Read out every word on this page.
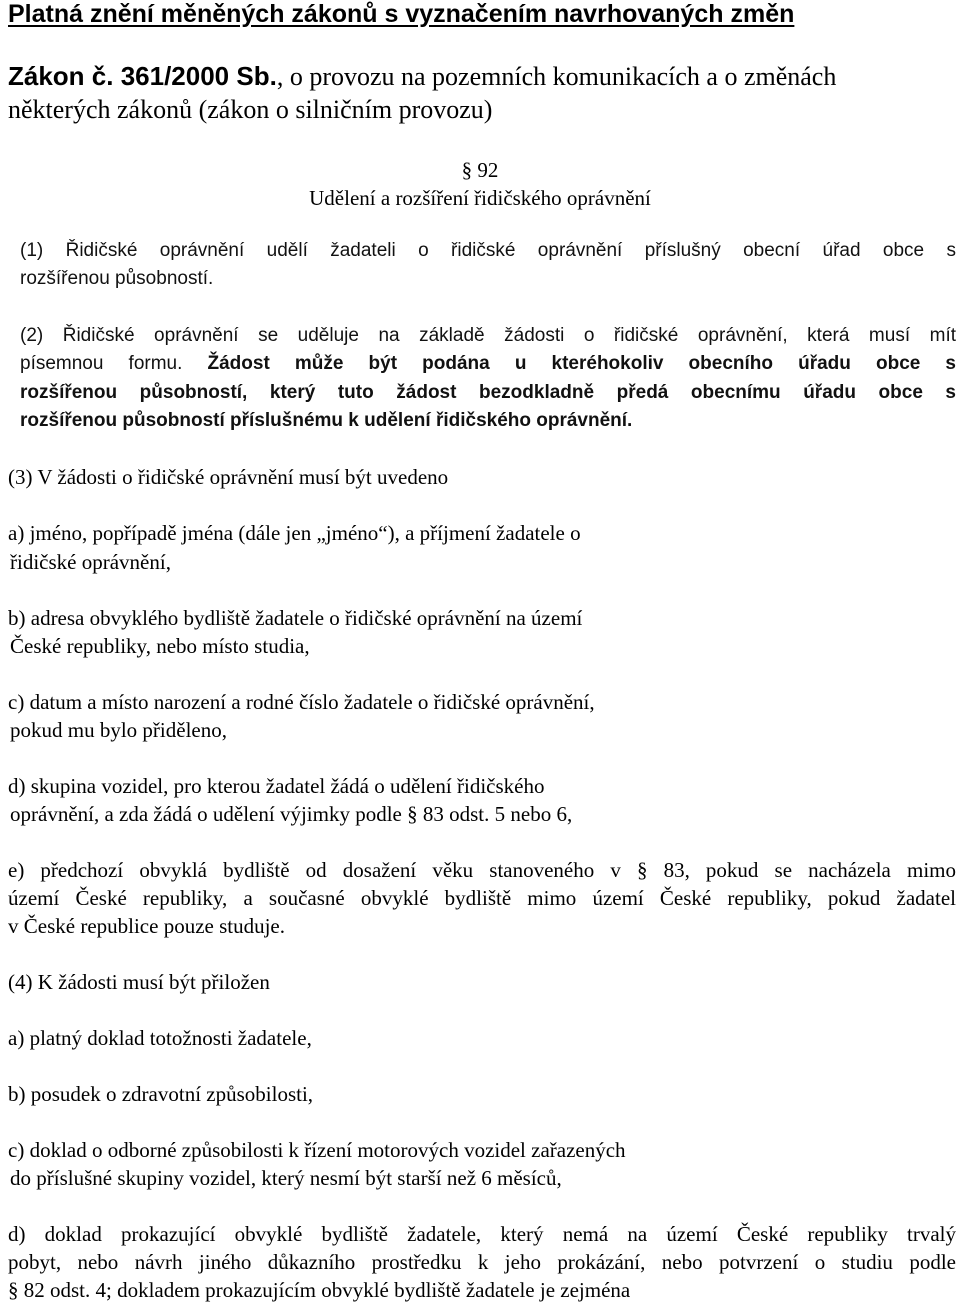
Platná znění měněných zákonů s vyznačením navrhovaných změn

Zákon č. 361/2000 Sb., o provozu na pozemních komunikacích a o změnách

některých zákonů (zákon o silničním provozu)

§ 92

Udělení a rozšíření řidičského oprávnění

(1) Řidičské oprávnění udělí žadateli o řidičské oprávnění příslušný obecní úřad obce s

rozšířenou působností.

(2) Řidičské oprávnění se uděluje na základě žádosti o řidičské oprávnění, která musí mít

písemnou formu. Žádost může být podána u kteréhokoliv obecního úřadu obce s

rozšířenou působností, který tuto žádost bezodkladně předá obecnímu úřadu obce s

rozšířenou působností příslušnému k udělení řidičského oprávnění.

(3) V žádosti o řidičské oprávnění musí být uvedeno

a) jméno, popřípadě jména (dále jen „jméno“), a příjmení žadatele o

řidičské oprávnění,

b) adresa obvyklého bydliště žadatele o řidičské oprávnění na území

České republiky, nebo místo studia,

c) datum a místo narození a rodné číslo žadatele o řidičské oprávnění,

pokud mu bylo přiděleno,

d) skupina vozidel, pro kterou žadatel žádá o udělení řidičského

oprávnění, a zda žádá o udělení výjimky podle § 83 odst. 5 nebo 6,

e) předchozí obvyklá bydliště od dosažení věku stanoveného v § 83, pokud se nacházela mimo

území České republiky, a současné obvyklé bydliště mimo území České republiky, pokud žadatel

v České republice pouze studuje.

(4) K žádosti musí být přiložen

a) platný doklad totožnosti žadatele,

b) posudek o zdravotní způsobilosti,

c) doklad o odborné způsobilosti k řízení motorových vozidel zařazených

do příslušné skupiny vozidel, který nesmí být starší než 6 měsíců,

d) doklad prokazující obvyklé bydliště žadatele, který nemá na území České republiky trvalý

pobyt, nebo návrh jiného důkazního prostředku k jeho prokázání, nebo potvrzení o studiu podle

§ 82 odst. 4; dokladem prokazujícím obvyklé bydliště žadatele je zejména
